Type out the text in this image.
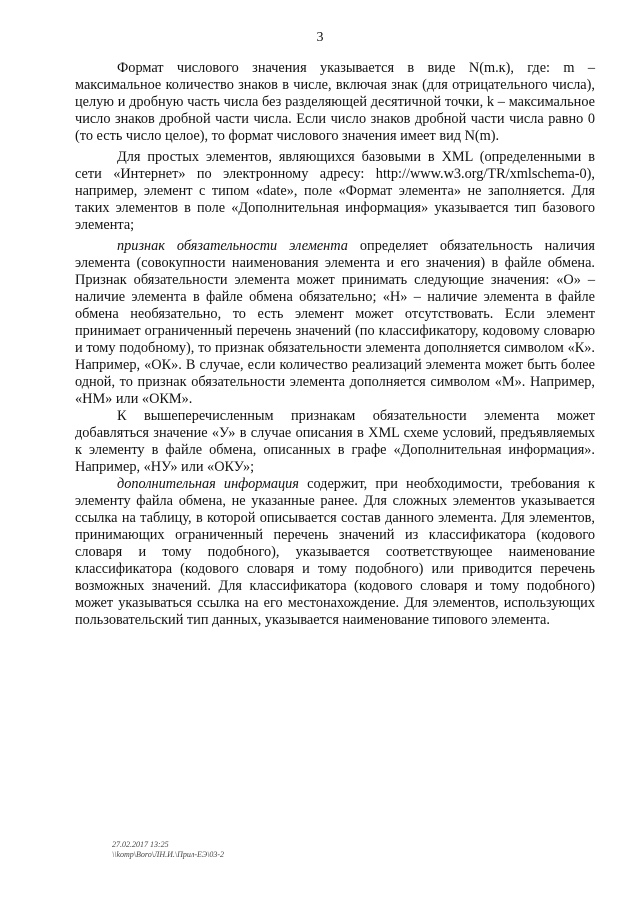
3

Формат числового значения указывается в виде N(m.к), где: m – максимальное количество знаков в числе, включая знак (для отрицательного числа), целую и дробную часть числа без разделяющей десятичной точки, k – максимальное число знаков дробной части числа. Если число знаков дробной части числа равно 0 (то есть число целое), то формат числового значения имеет вид N(m).

Для простых элементов, являющихся базовыми в XML (определенными в сети «Интернет» по электронному адресу: http://www.w3.org/TR/xmlschema-0), например, элемент с типом «date», поле «Формат элемента» не заполняется. Для таких элементов в поле «Дополнительная информация» указывается тип базового элемента;

признак обязательности элемента определяет обязательность наличия элемента (совокупности наименования элемента и его значения) в файле обмена. Признак обязательности элемента может принимать следующие значения: «О» – наличие элемента в файле обмена обязательно; «Н» – наличие элемента в файле обмена необязательно, то есть элемент может отсутствовать. Если элемент принимает ограниченный перечень значений (по классификатору, кодовому словарю и тому подобному), то признак обязательности элемента дополняется символом «К». Например, «ОК». В случае, если количество реализаций элемента может быть более одной, то признак обязательности элемента дополняется символом «М». Например, «НМ» или «ОКМ».

К вышеперечисленным признакам обязательности элемента может добавляться значение «У» в случае описания в XML схеме условий, предъявляемых к элементу в файле обмена, описанных в графе «Дополнительная информация». Например, «НУ» или «ОКУ»;

дополнительная информация содержит, при необходимости, требования к элементу файла обмена, не указанные ранее. Для сложных элементов указывается ссылка на таблицу, в которой описывается состав данного элемента. Для элементов, принимающих ограниченный перечень значений из классификатора (кодового словаря и тому подобного), указывается соответствующее наименование классификатора (кодового словаря и тому подобного) или приводится перечень возможных значений. Для классификатора (кодового словаря и тому подобного) может указываться ссылка на его местонахождение. Для элементов, использующих пользовательский тип данных, указывается наименование типового элемента.

27.02.2017 13:25
\\komp\Boro\ЛН.И.\Прил-ЕЭ\03-2
